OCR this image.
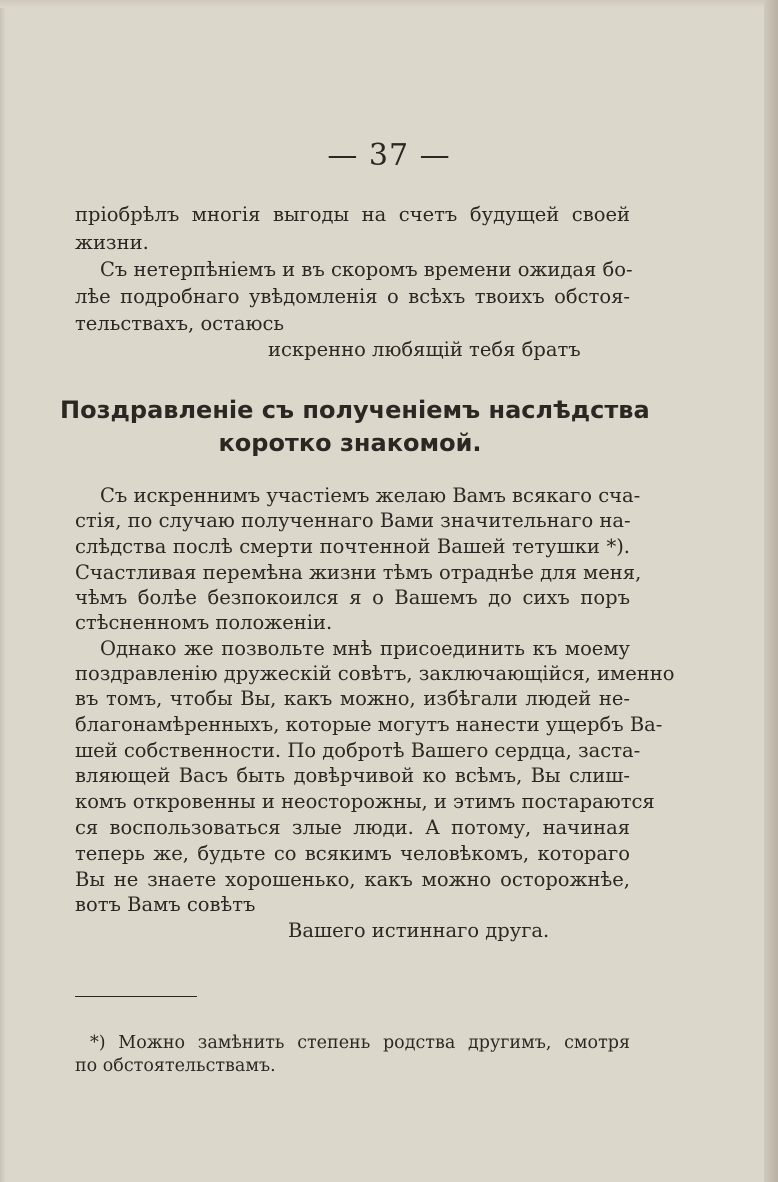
— 37 —
пріобрѣлъ многія выгоды на счетъ будущей своей
жизни.
Съ нетерпѣніемъ и въ скоромъ времени ожидая бо-
лѣе подробнаго увѣдомленія о всѣхъ твоихъ обстоя-
тельствахъ, остаюсь
искренно любящій тебя братъ
Поздравленіе съ полученіемъ наслѣдства
коротко знакомой.
Съ искреннимъ участіемъ желаю Вамъ всякаго сча-
стія, по случаю полученнаго Вами значительнаго на-
слѣдства послѣ смерти почтенной Вашей тетушки *).
Счастливая перемѣна жизни тѣмъ отраднѣе для меня,
чѣмъ болѣе безпокоился я о Вашемъ до сихъ поръ
стѣсненномъ положеніи.
Однако же позвольте мнѣ присоединить къ моему
поздравленію дружескій совѣтъ, заключающійся, именно
въ томъ, чтобы Вы, какъ можно, избѣгали людей не-
благонамѣренныхъ, которые могутъ нанести ущербъ Ва-
шей собственности. По добротѣ Вашего сердца, заста-
вляющей Васъ быть довѣрчивой ко всѣмъ, Вы слиш-
комъ откровенны и неосторожны, и этимъ постараются
ся воспользоваться злые люди. А потому, начиная
теперь же, будьте со всякимъ человѣкомъ, котораго
Вы не знаете хорошенько, какъ можно осторожнѣе,
вотъ Вамъ совѣтъ
Вашего истиннаго друга.
*) Можно замѣнить степень родства другимъ, смотря
по обстоятельствамъ.
